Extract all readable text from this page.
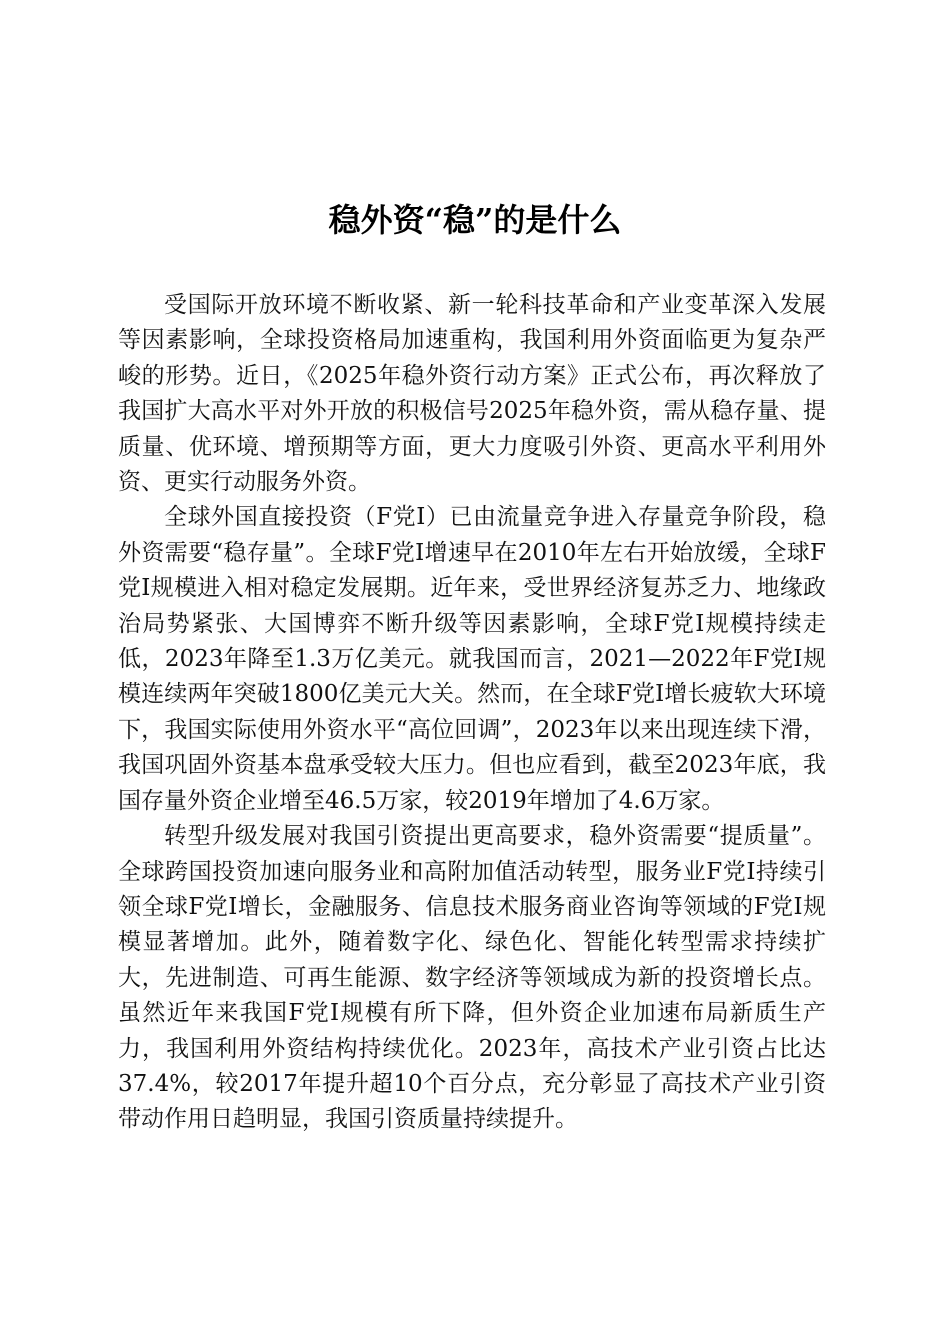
稳外资“稳”的是什么

受国际开放环境不断收紧、新一轮科技革命和产业变革深入发展等因素影响，全球投资格局加速重构，我国利用外资面临更为复杂严峻的形势。近日，《2025年稳外资行动方案》正式公布，再次释放了我国扩大高水平对外开放的积极信号2025年稳外资，需从稳存量、提质量、优环境、增预期等方面，更大力度吸引外资、更高水平利用外资、更实行动服务外资。

全球外国直接投资（F党I）已由流量竞争进入存量竞争阶段，稳外资需要“稳存量”。全球F党I增速早在2010年左右开始放缓，全球F党I规模进入相对稳定发展期。近年来，受世界经济复苏乏力、地缘政治局势紧张、大国博弈不断升级等因素影响，全球F党I规模持续走低，2023年降至1.3万亿美元。就我国而言，2021—2022年F党I规模连续两年突破1800亿美元大关。然而，在全球F党I增长疲软大环境下，我国实际使用外资水平“高位回调”，2023年以来出现连续下滑，我国巩固外资基本盘承受较大压力。但也应看到，截至2023年底，我国存量外资企业增至46.5万家，较2019年增加了4.6万家。

转型升级发展对我国引资提出更高要求，稳外资需要“提质量”。全球跨国投资加速向服务业和高附加值活动转型，服务业F党I持续引领全球F党I增长，金融服务、信息技术服务商业咨询等领域的F党I规模显著增加。此外，随着数字化、绿色化、智能化转型需求持续扩大，先进制造、可再生能源、数字经济等领域成为新的投资增长点。虽然近年来我国F党I规模有所下降，但外资企业加速布局新质生产力，我国利用外资结构持续优化。2023年，高技术产业引资占比达37.4%，较2017年提升超10个百分点，充分彰显了高技术产业引资带动作用日趋明显，我国引资质量持续提升。
